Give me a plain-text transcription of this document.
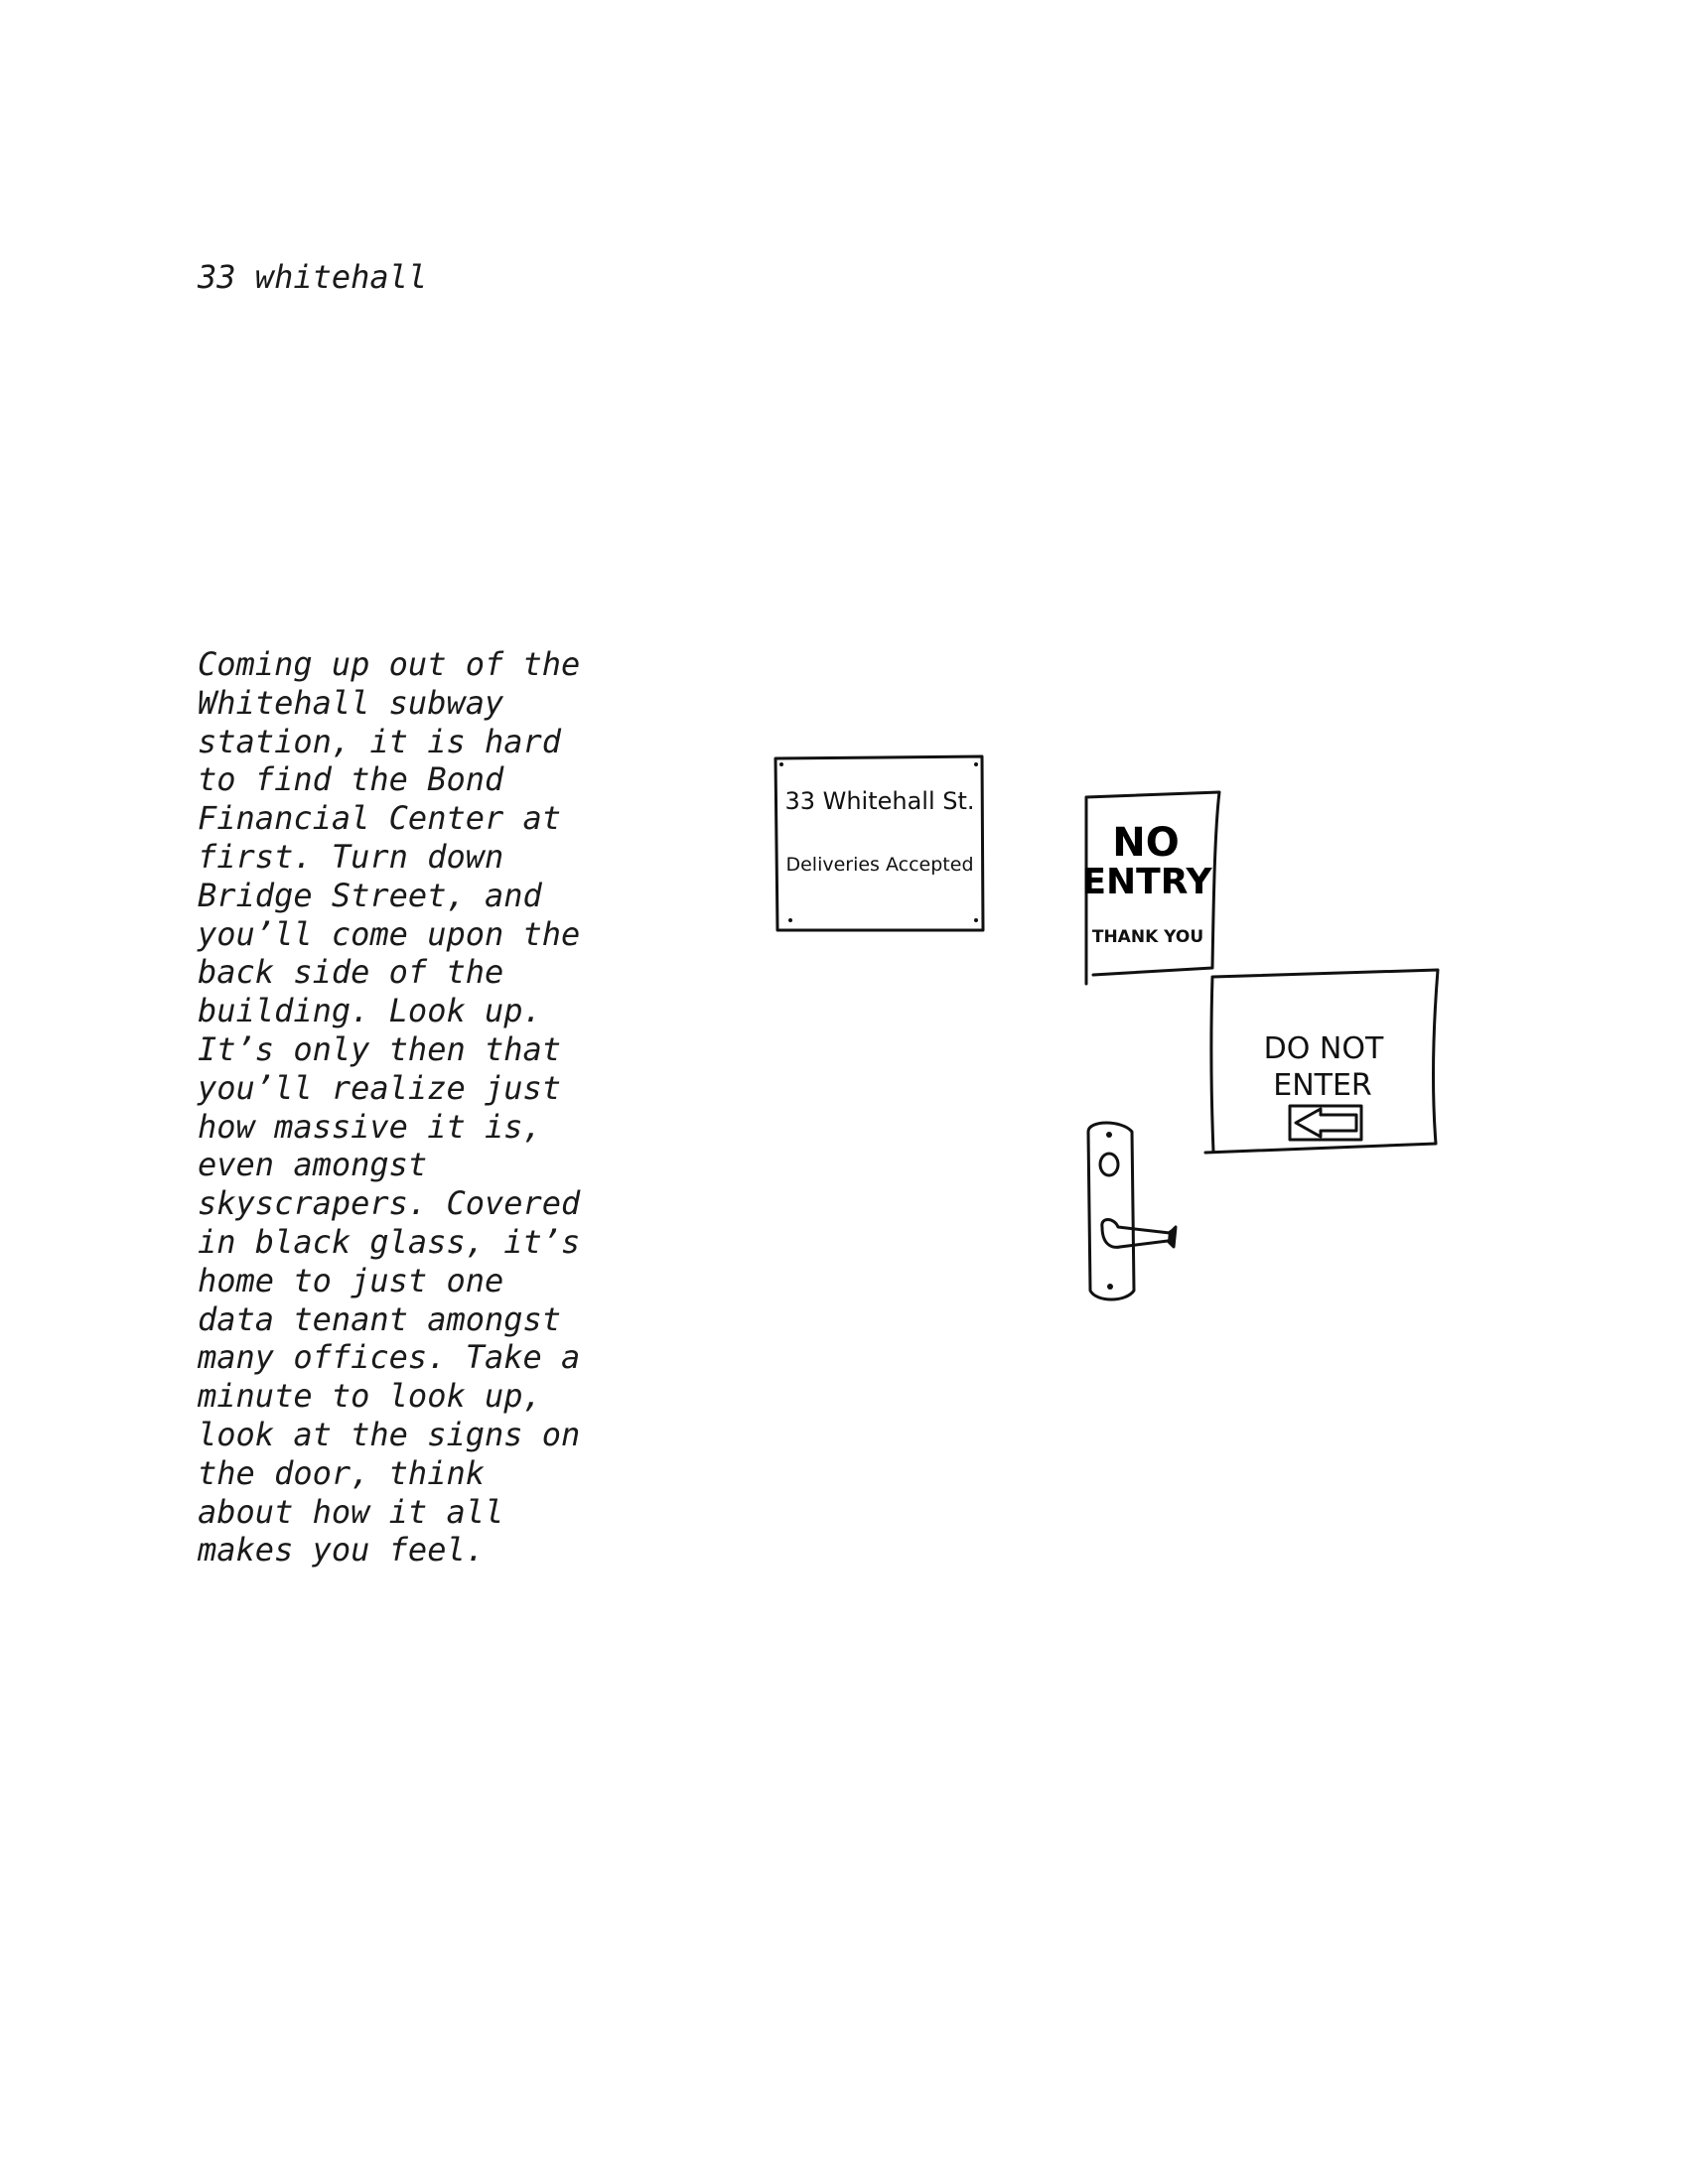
33 whitehall
Coming up out of the
Whitehall subway
station, it is hard
to find the Bond
Financial Center at
first. Turn down
Bridge Street, and
you’ll come upon the
back side of the
building. Look up.
It’s only then that
you’ll realize just
how massive it is,
even amongst
skyscrapers. Covered
in black glass, it’s
home to just one
data tenant amongst
many offices. Take a
minute to look up,
look at the signs on
the door, think
about how it all
makes you feel.
33 Whitehall St.
Deliveries Accepted	NO
ENTRY
THANK YOU
DO NOT
ENTER
